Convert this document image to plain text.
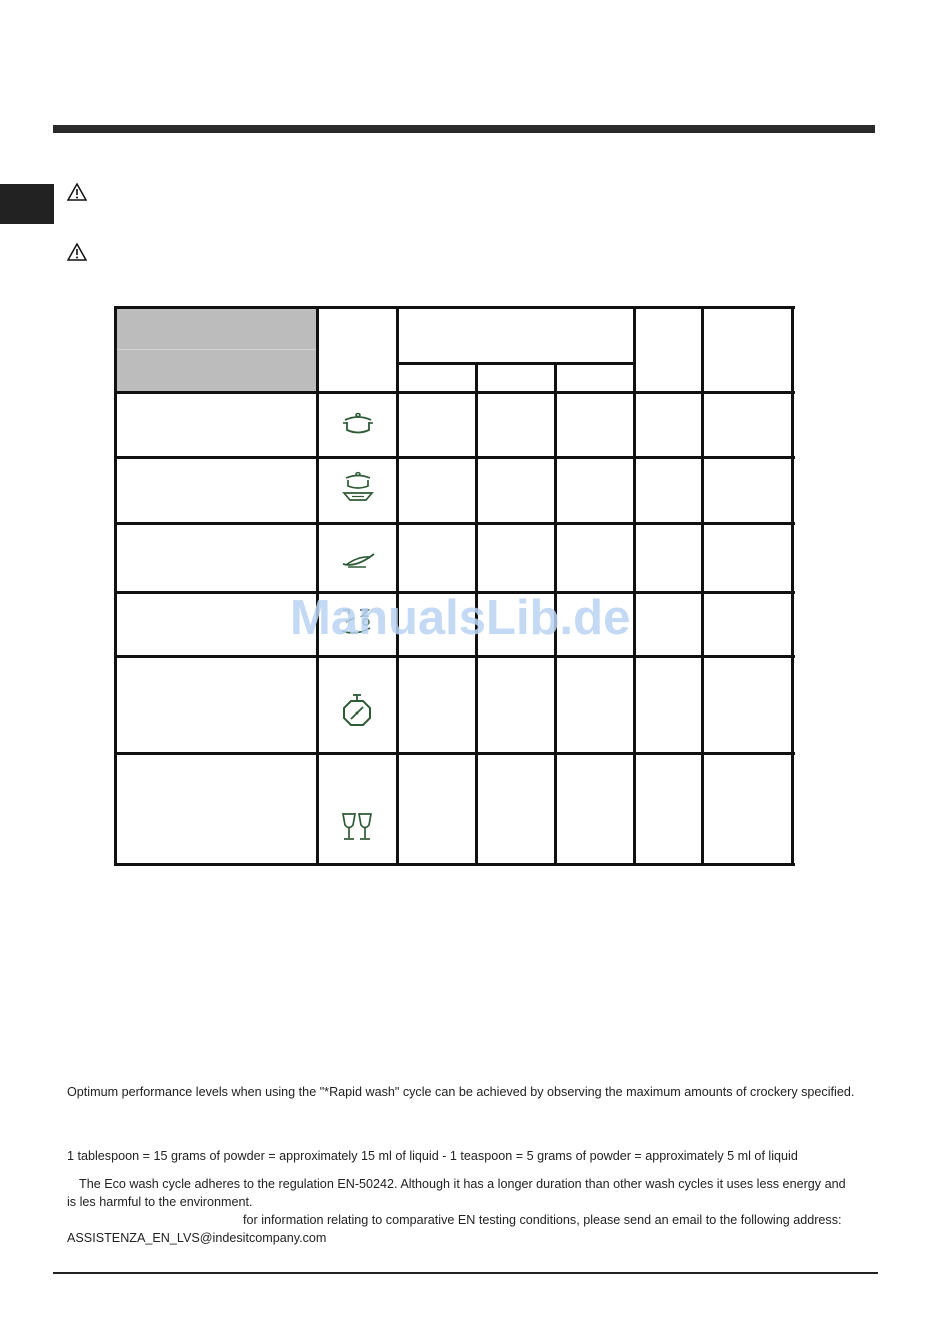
ManualsLib.de

Optimum performance levels when using the "*Rapid wash" cycle can be achieved by observing the maximum amounts of crockery specified.

1 tablespoon = 15 grams of powder = approximately 15 ml of liquid - 1 teaspoon = 5 grams of powder = approximately 5 ml of liquid

The Eco wash cycle adheres to the regulation EN-50242. Although it has a longer duration than other wash cycles it uses less energy and is les harmful to the environment.

for information relating to comparative EN testing conditions, please send an email to the following address: ASSISTENZA_EN_LVS@indesitcompany.com
